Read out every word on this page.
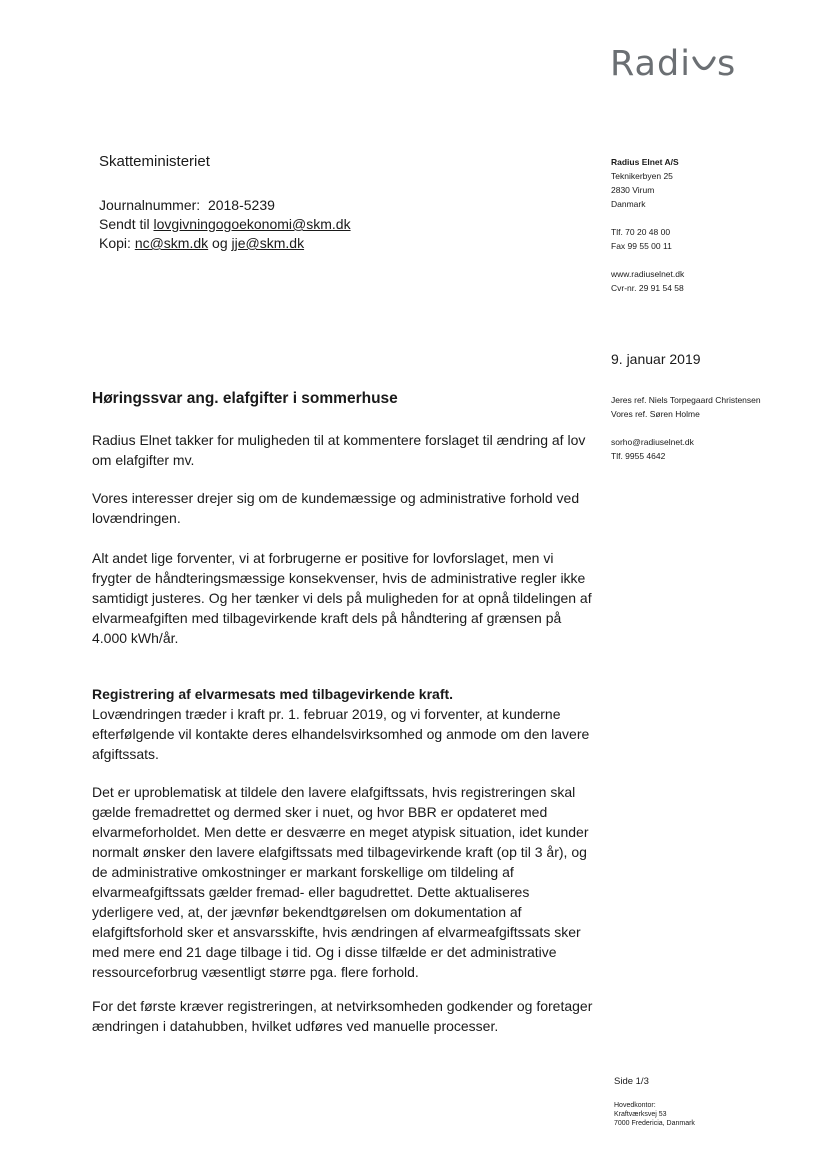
Radi s
Skatteministeriet
Journalnummer: 2018-5239
Sendt til lovgivningogoekonomi@skm.dk
Kopi: nc@skm.dk og jje@skm.dk
Radius Elnet A/S
Teknikerbyen 25
2830 Virum
Danmark
Tlf. 70 20 48 00
Fax 99 55 00 11
www.radiuselnet.dk
Cvr-nr. 29 91 54 58
9. januar 2019
Jeres ref. Niels Torpegaard Christensen
Vores ref. Søren Holme
sorho@radiuselnet.dk
Tlf. 9955 4642
Høringssvar ang. elafgifter i sommerhuse

Radius Elnet takker for muligheden til at kommentere forslaget til ændring af lov om elafgifter mv.

Vores interesser drejer sig om de kundemæssige og administrative forhold ved lovændringen.

Alt andet lige forventer, vi at forbrugerne er positive for lovforslaget, men vi frygter de håndteringsmæssige konsekvenser, hvis de administrative regler ikke samtidigt justeres. Og her tænker vi dels på muligheden for at opnå tildelingen af elvarmeafgiften med tilbagevirkende kraft dels på håndtering af grænsen på 4.000 kWh/år.

Registrering af elvarmesats med tilbagevirkende kraft.
Lovændringen træder i kraft pr. 1. februar 2019, og vi forventer, at kunderne efterfølgende vil kontakte deres elhandelsvirksomhed og anmode om den lavere afgiftssats.

Det er uproblematisk at tildele den lavere elafgiftssats, hvis registreringen skal gælde fremadrettet og dermed sker i nuet, og hvor BBR er opdateret med elvarmeforholdet. Men dette er desværre en meget atypisk situation, idet kunder normalt ønsker den lavere elafgiftssats med tilbagevirkende kraft (op til 3 år), og de administrative omkostninger er markant forskellige om tildeling af elvarmeafgiftssats gælder fremad- eller bagudrettet. Dette aktualiseres yderligere ved, at, der jævnfør bekendtgørelsen om dokumentation af elafgiftsforhold sker et ansvarsskifte, hvis ændringen af elvarmeafgiftssats sker med mere end 21 dage tilbage i tid. Og i disse tilfælde er det administrative ressourceforbrug væsentligt større pga. flere forhold.

For det første kræver registreringen, at netvirksomheden godkender og foretager ændringen i datahubben, hvilket udføres ved manuelle processer.

Side 1/3
Hovedkontor:
Kraftværksvej 53
7000 Fredericia, Danmark
